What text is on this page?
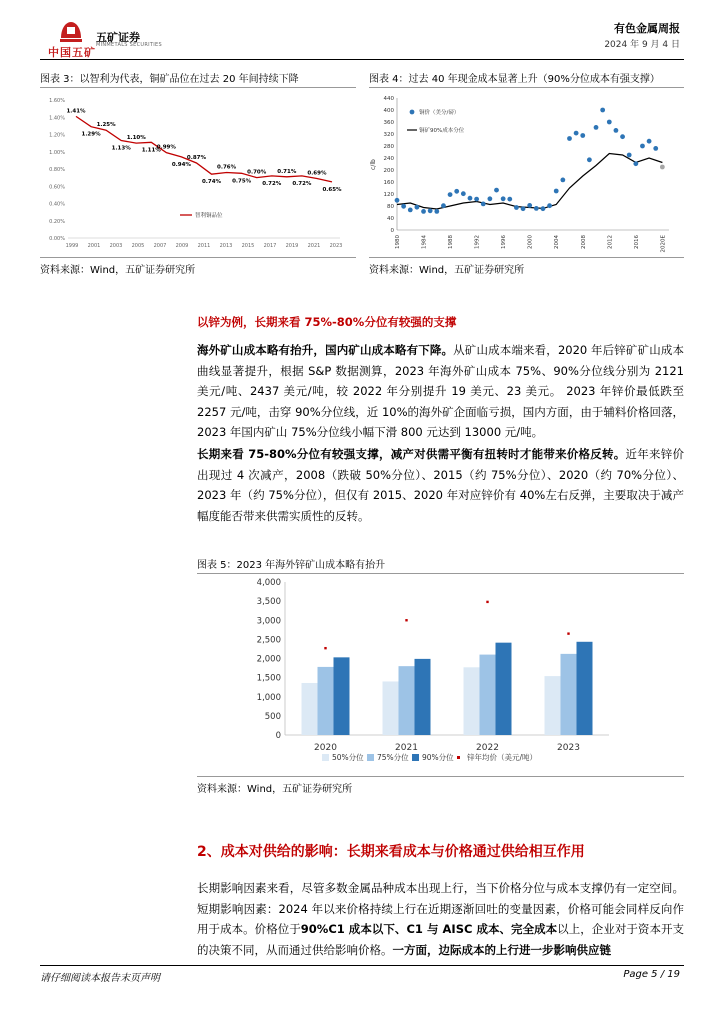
中国五矿
五矿证券
MINMETALS SECURITIES
有色金属周报
2024 年 9 月 4 日
图表 3：以智利为代表，铜矿品位在过去 20 年间持续下降
1.60%
1.40%
1.20%
1.00%
0.80%
0.60%
0.40%
0.20%
0.00%
1999 2001 2003 2005 2007 2009 2011 2013 2015 2017 2019 2021 2023
1.41%
1.29%
1.25%
1.13%
1.10%
1.11%
0.99%
0.94%
0.87%
0.74%
0.76%
0.75%
0.70%
0.72%
0.71%
0.72%
0.69%
0.65%
智利铜品位
资料来源：Wind，五矿证券研究所
图表 4：过去 40 年现金成本显著上升（90%分位成本有强支撑）
c/lb
0
40
80
120
160
200
240
280
320
360
400
440
1980	1984	1988	1992	1996	2000	2004	2008	2012	2016	2020E
铜价（美分/磅）
铜矿90%成本分位
资料来源：Wind，五矿证券研究所
以锌为例，长期来看 75%-80%分位有较强的支撑
海外矿山成本略有抬升，国内矿山成本略有下降。从矿山成本端来看，2020 年后锌矿矿山成本曲线显著提升，根据 S&P 数据测算，2023 年海外矿山成本 75%、90%分位线分别为 2121 美元/吨、2437 美元/吨，较 2022 年分别提升 19 美元、23 美元。 2023 年锌价最低跌至 2257 元/吨，击穿 90%分位线，近 10%的海外矿企面临亏损，国内方面，由于辅料价格回落，2023 年国内矿山 75%分位线小幅下滑 800 元达到 13000 元/吨。
长期来看 75-80%分位有较强支撑，减产对供需平衡有扭转时才能带来价格反转。近年来锌价出现过 4 次减产，2008（跌破 50%分位）、2015（约 75%分位）、2020（约 70%分位）、2023 年（约 75%分位），但仅有 2015、2020 年对应锌价有 40%左右反弹，主要取决于减产幅度能否带来供需实质性的反转。
图表 5：2023 年海外锌矿山成本略有抬升
0
500
1,000
1,500
2,000
2,500
3,000
3,500
4,000
2020	2021	2022	2023
50%分位 75%分位 90%分位 锌年均价（美元/吨）
资料来源：Wind，五矿证券研究所
2、成本对供给的影响：长期来看成本与价格通过供给相互作用
长期影响因素来看，尽管多数金属品种成本出现上行，当下价格分位与成本支撑仍有一定空间。短期影响因素：2024 年以来价格持续上行在近期逐渐回吐的变量因素，价格可能会同样反向作用于成本。价格位于90%C1 成本以下、C1 与 AISC 成本、完全成本以上，企业对于资本开支的决策不同，从而通过供给影响价格。一方面，边际成本的上行进一步影响供应链
请仔细阅读本报告末页声明	Page 5 / 19
